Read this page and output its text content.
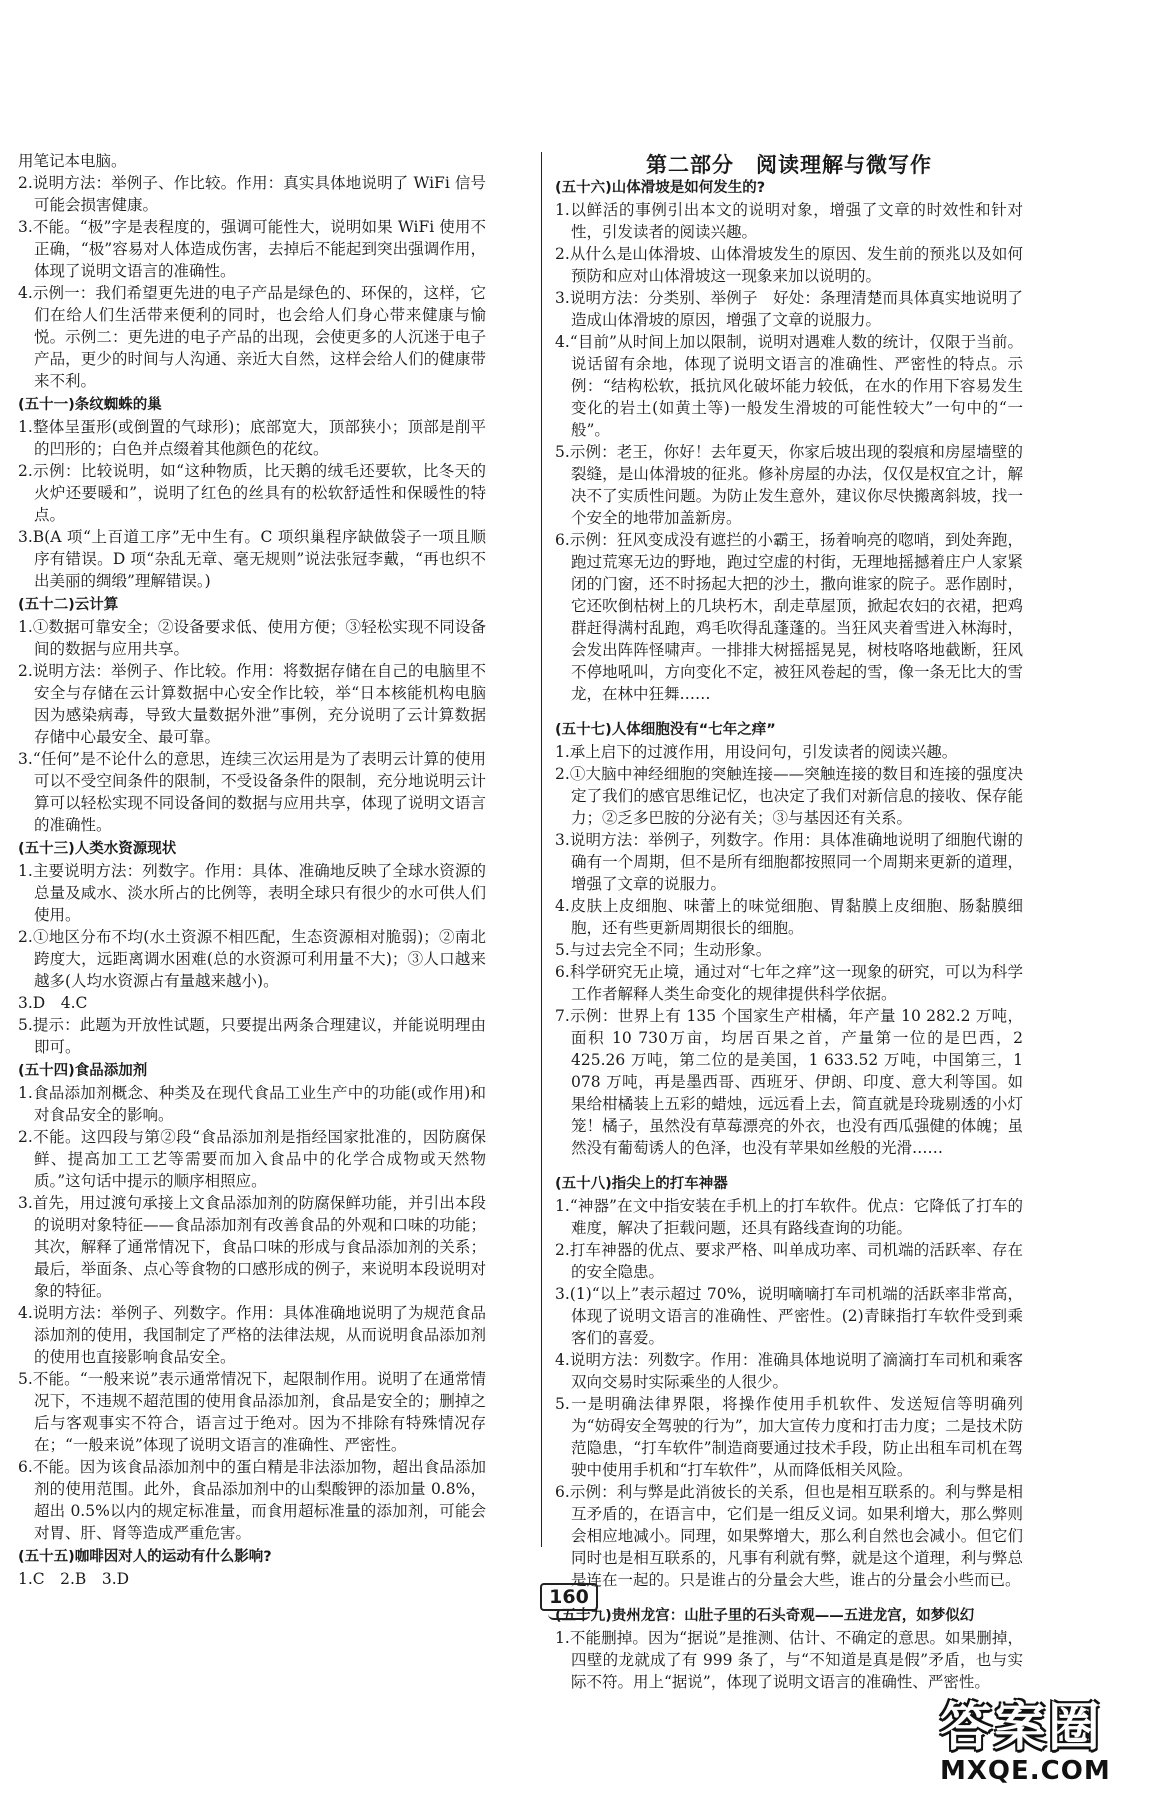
用笔记本电脑。
2.说明方法：举例子、作比较。作用：真实具体地说明了 WiFi 信号可能会损害健康。
3.不能。“极”字是表程度的，强调可能性大，说明如果 WiFi 使用不正确，“极”容易对人体造成伤害，去掉后不能起到突出强调作用，体现了说明文语言的准确性。
4.示例一：我们希望更先进的电子产品是绿色的、环保的，这样，它们在给人们生活带来便利的同时，也会给人们身心带来健康与愉悦。示例二：更先进的电子产品的出现，会使更多的人沉迷于电子产品，更少的时间与人沟通、亲近大自然，这样会给人们的健康带来不利。
(五十一)条纹蜘蛛的巢
1.整体呈蛋形(或倒置的气球形)；底部宽大，顶部狭小；顶部是削平的凹形的；白色并点缀着其他颜色的花纹。
2.示例：比较说明，如“这种物质，比天鹅的绒毛还要软，比冬天的火炉还要暖和”，说明了红色的丝具有的松软舒适性和保暖性的特点。
3.B(A 项“上百道工序”无中生有。C 项织巢程序缺做袋子一项且顺序有错误。D 项“杂乱无章、毫无规则”说法张冠李戴，“再也织不出美丽的绸缎”理解错误。)
(五十二)云计算
1.①数据可靠安全；②设备要求低、使用方便；③轻松实现不同设备间的数据与应用共享。
2.说明方法：举例子、作比较。作用：将数据存储在自己的电脑里不安全与存储在云计算数据中心安全作比较，举“日本核能机构电脑因为感染病毒，导致大量数据外泄”事例，充分说明了云计算数据存储中心最安全、最可靠。
3.“任何”是不论什么的意思，连续三次运用是为了表明云计算的使用可以不受空间条件的限制，不受设备条件的限制，充分地说明云计算可以轻松实现不同设备间的数据与应用共享，体现了说明文语言的准确性。
(五十三)人类水资源现状
1.主要说明方法：列数字。作用：具体、准确地反映了全球水资源的总量及咸水、淡水所占的比例等，表明全球只有很少的水可供人们使用。
2.①地区分布不均(水土资源不相匹配，生态资源相对脆弱)；②南北跨度大，远距离调水困难(总的水资源可利用量不大)；③人口越来越多(人均水资源占有量越来越小)。
3.D　4.C
5.提示：此题为开放性试题，只要提出两条合理建议，并能说明理由即可。
(五十四)食品添加剂
1.食品添加剂概念、种类及在现代食品工业生产中的功能(或作用)和对食品安全的影响。
2.不能。这四段与第②段“食品添加剂是指经国家批准的，因防腐保鲜、提高加工工艺等需要而加入食品中的化学合成物或天然物质。”这句话中提示的顺序相照应。
3.首先，用过渡句承接上文食品添加剂的防腐保鲜功能，并引出本段的说明对象特征——食品添加剂有改善食品的外观和口味的功能；其次，解释了通常情况下，食品口味的形成与食品添加剂的关系；最后，举面条、点心等食物的口感形成的例子，来说明本段说明对象的特征。
4.说明方法：举例子、列数字。作用：具体准确地说明了为规范食品添加剂的使用，我国制定了严格的法律法规，从而说明食品添加剂的使用也直接影响食品安全。
5.不能。“一般来说”表示通常情况下，起限制作用。说明了在通常情况下，不违规不超范围的使用食品添加剂，食品是安全的；删掉之后与客观事实不符合，语言过于绝对。因为不排除有特殊情况存在；“一般来说”体现了说明文语言的准确性、严密性。
6.不能。因为该食品添加剂中的蛋白精是非法添加物，超出食品添加剂的使用范围。此外，食品添加剂中的山梨酸钾的添加量 0.8%，超出 0.5%以内的规定标准量，而食用超标准量的添加剂，可能会对胃、肝、肾等造成严重危害。
(五十五)咖啡因对人的运动有什么影响?
1.C　2.B　3.D
第二部分　阅读理解与微写作
(五十六)山体滑坡是如何发生的?
1.以鲜活的事例引出本文的说明对象，增强了文章的时效性和针对性，引发读者的阅读兴趣。
2.从什么是山体滑坡、山体滑坡发生的原因、发生前的预兆以及如何预防和应对山体滑坡这一现象来加以说明的。
3.说明方法：分类别、举例子　好处：条理清楚而具体真实地说明了造成山体滑坡的原因，增强了文章的说服力。
4.“目前”从时间上加以限制，说明对遇难人数的统计，仅限于当前。说话留有余地，体现了说明文语言的准确性、严密性的特点。示例：“结构松软，抵抗风化破坏能力较低，在水的作用下容易发生变化的岩土(如黄土等)一般发生滑坡的可能性较大”一句中的“一般”。
5.示例：老王，你好！去年夏天，你家后坡出现的裂痕和房屋墙壁的裂缝，是山体滑坡的征兆。修补房屋的办法，仅仅是权宜之计，解决不了实质性问题。为防止发生意外，建议你尽快搬离斜坡，找一个安全的地带加盖新房。
6.示例：狂风变成没有遮拦的小霸王，扬着响亮的唿哨，到处奔跑，跑过荒寒无边的野地，跑过空虚的村街，无理地摇撼着庄户人家紧闭的门窗，还不时扬起大把的沙土，撒向谁家的院子。恶作剧时，它还吹倒枯树上的几块朽木，刮走草屋顶，掀起农妇的衣裙，把鸡群赶得满村乱跑，鸡毛吹得乱蓬蓬的。当狂风夹着雪进入林海时，会发出阵阵怪啸声。一排排大树摇摇晃晃，树枝咯咯地截断，狂风不停地吼叫，方向变化不定，被狂风卷起的雪，像一条无比大的雪龙，在林中狂舞……
(五十七)人体细胞没有“七年之痒”
1.承上启下的过渡作用，用设问句，引发读者的阅读兴趣。
2.①大脑中神经细胞的突触连接——突触连接的数目和连接的强度决定了我们的感官思维记忆，也决定了我们对新信息的接收、保存能力；②乏多巴胺的分泌有关；③与基因还有关系。
3.说明方法：举例子，列数字。作用：具体准确地说明了细胞代谢的确有一个周期，但不是所有细胞都按照同一个周期来更新的道理，增强了文章的说服力。
4.皮肤上皮细胞、味蕾上的味觉细胞、胃黏膜上皮细胞、肠黏膜细胞，还有些更新周期很长的细胞。
5.与过去完全不同；生动形象。
6.科学研究无止境，通过对“七年之痒”这一现象的研究，可以为科学工作者解释人类生命变化的规律提供科学依据。
7.示例：世界上有 135 个国家生产柑橘，年产量 10 282.2 万吨，面积 10 730万亩，均居百果之首，产量第一位的是巴西，2 425.26 万吨，第二位的是美国，1 633.52 万吨，中国第三，1 078 万吨，再是墨西哥、西班牙、伊朗、印度、意大利等国。如果给柑橘装上五彩的蜡烛，远远看上去，简直就是玲珑剔透的小灯笼！橘子，虽然没有草莓漂亮的外衣，也没有西瓜强健的体魄；虽然没有葡萄诱人的色泽，也没有苹果如丝般的光滑……
(五十八)指尖上的打车神器
1.“神器”在文中指安装在手机上的打车软件。优点：它降低了打车的难度，解决了拒载问题，还具有路线查询的功能。
2.打车神器的优点、要求严格、叫单成功率、司机端的活跃率、存在的安全隐患。
3.(1)“以上”表示超过 70%，说明嘀嘀打车司机端的活跃率非常高，体现了说明文语言的准确性、严密性。(2)青睐指打车软件受到乘客们的喜爱。
4.说明方法：列数字。作用：准确具体地说明了滴滴打车司机和乘客双向交易时实际乘坐的人很少。
5.一是明确法律界限，将操作使用手机软件、发送短信等明确列为“妨碍安全驾驶的行为”，加大宣传力度和打击力度；二是技术防范隐患，“打车软件”制造商要通过技术手段，防止出租车司机在驾驶中使用手机和“打车软件”，从而降低相关风险。
6.示例：利与弊是此消彼长的关系，但也是相互联系的。利与弊是相互矛盾的，在语言中，它们是一组反义词。如果利增大，那么弊则会相应地减小。同理，如果弊增大，那么利自然也会减小。但它们同时也是相互联系的，凡事有利就有弊，就是这个道理，利与弊总是连在一起的。只是谁占的分量会大些，谁占的分量会小些而已。
(五十九)贵州龙宫：山肚子里的石头奇观——五进龙宫，如梦似幻
1.不能删掉。因为“据说”是推测、估计、不确定的意思。如果删掉，四壁的龙就成了有 999 条了，与“不知道是真是假”矛盾，也与实际不符。用上“据说”，体现了说明文语言的准确性、严密性。
160
答案圈
MXQE.COM
